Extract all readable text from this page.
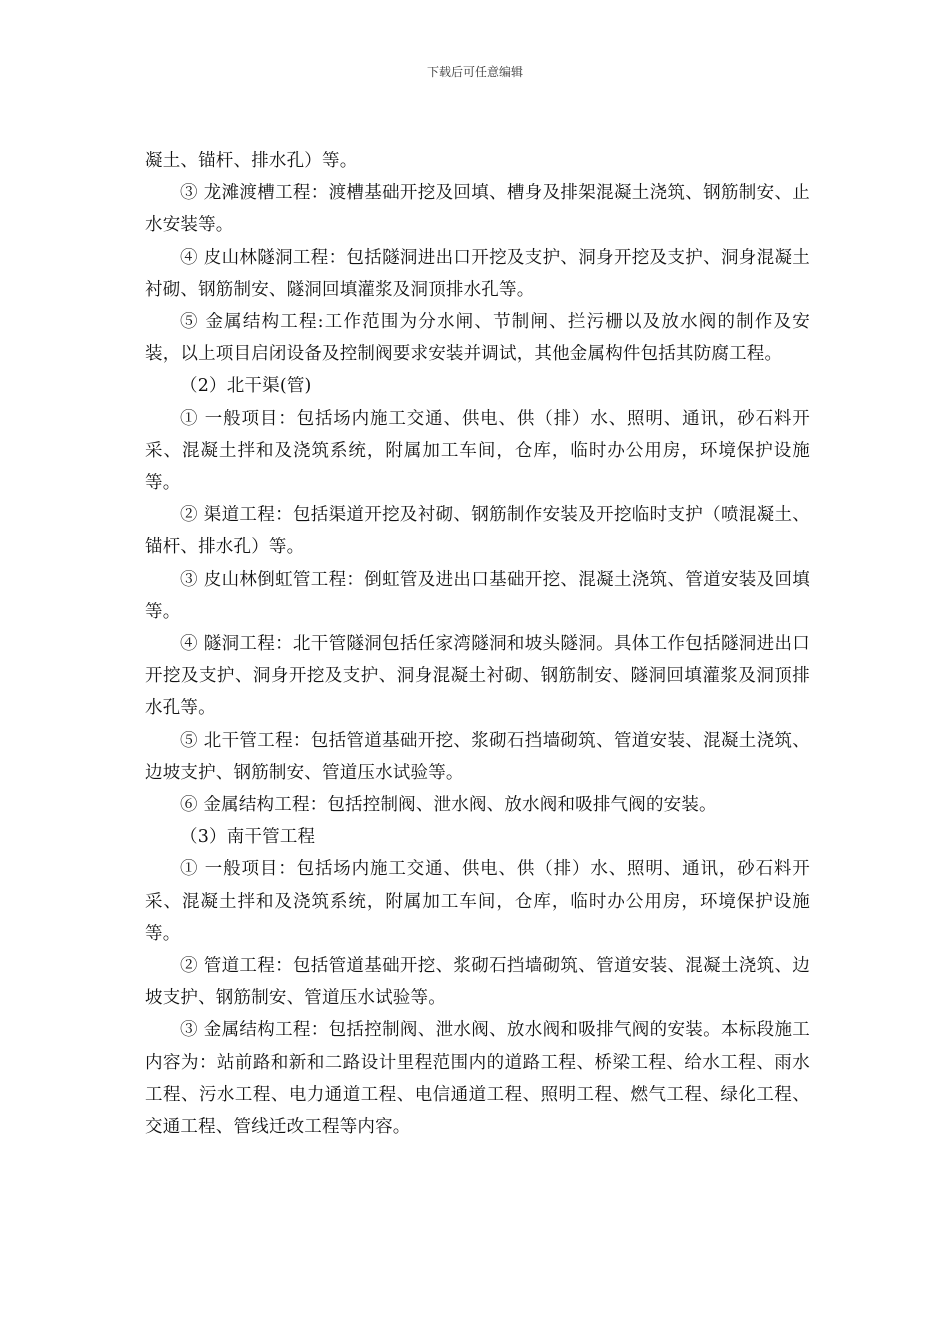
下载后可任意编辑

凝土、锚杆、排水孔）等。

③ 龙滩渡槽工程：渡槽基础开挖及回填、槽身及排架混凝土浇筑、钢筋制安、止水安装等。

④ 皮山林隧洞工程：包括隧洞进出口开挖及支护、洞身开挖及支护、洞身混凝土衬砌、钢筋制安、隧洞回填灌浆及洞顶排水孔等。

⑤ 金属结构工程:工作范围为分水闸、节制闸、拦污栅以及放水阀的制作及安装，以上项目启闭设备及控制阀要求安装并调试，其他金属构件包括其防腐工程。

（2）北干渠(管)

① 一般项目：包括场内施工交通、供电、供（排）水、照明、通讯，砂石料开采、混凝土拌和及浇筑系统，附属加工车间，仓库，临时办公用房，环境保护设施等。

② 渠道工程：包括渠道开挖及衬砌、钢筋制作安装及开挖临时支护（喷混凝土、锚杆、排水孔）等。

③ 皮山林倒虹管工程：倒虹管及进出口基础开挖、混凝土浇筑、管道安装及回填等。

④ 隧洞工程：北干管隧洞包括任家湾隧洞和坡头隧洞。具体工作包括隧洞进出口开挖及支护、洞身开挖及支护、洞身混凝土衬砌、钢筋制安、隧洞回填灌浆及洞顶排水孔等。

⑤ 北干管工程：包括管道基础开挖、浆砌石挡墙砌筑、管道安装、混凝土浇筑、边坡支护、钢筋制安、管道压水试验等。

⑥ 金属结构工程：包括控制阀、泄水阀、放水阀和吸排气阀的安装。

（3）南干管工程

① 一般项目：包括场内施工交通、供电、供（排）水、照明、通讯，砂石料开采、混凝土拌和及浇筑系统，附属加工车间，仓库，临时办公用房，环境保护设施等。

② 管道工程：包括管道基础开挖、浆砌石挡墙砌筑、管道安装、混凝土浇筑、边坡支护、钢筋制安、管道压水试验等。

③ 金属结构工程：包括控制阀、泄水阀、放水阀和吸排气阀的安装。本标段施工内容为：站前路和新和二路设计里程范围内的道路工程、桥梁工程、给水工程、雨水工程、污水工程、电力通道工程、电信通道工程、照明工程、燃气工程、绿化工程、交通工程、管线迁改工程等内容。
